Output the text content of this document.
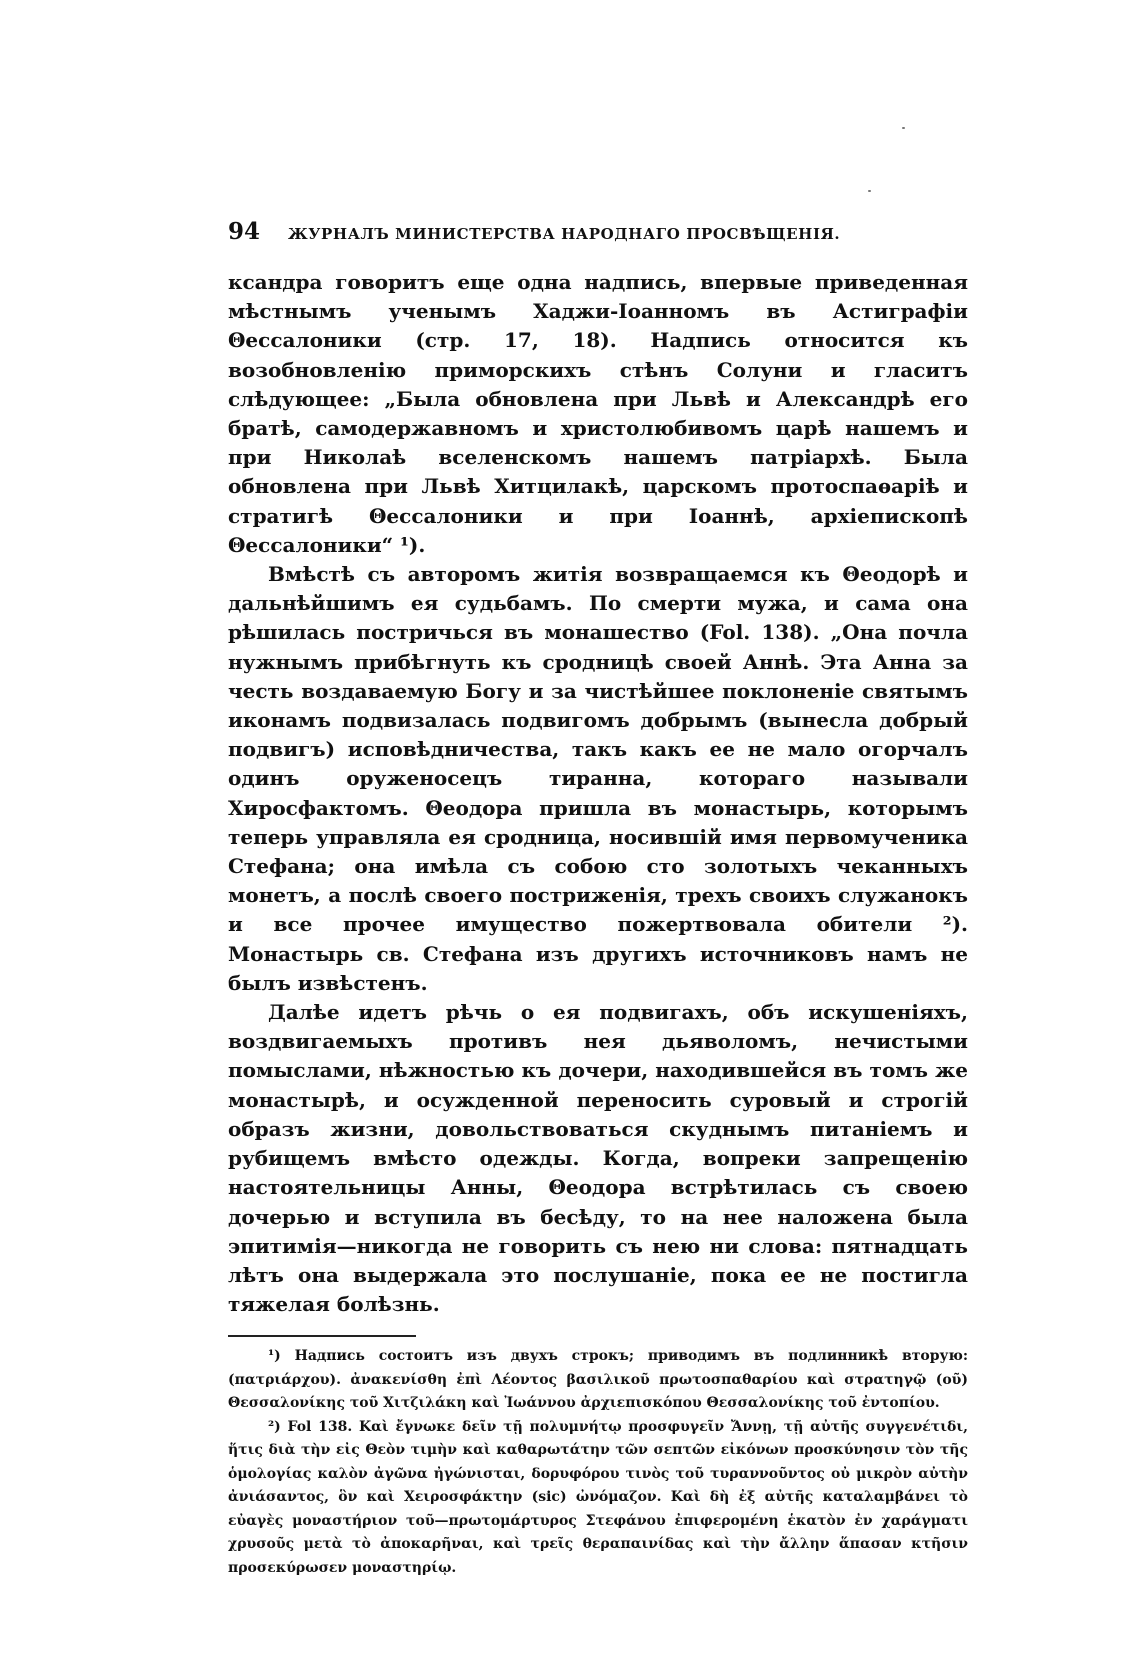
94	ЖУРНАЛЪ МИНИСТЕРСТВА НАРОДНАГО ПРОСВѢЩЕНІЯ.

ксандра говоритъ еще одна надпись, впервые приведенная мѣстнымъ ученымъ Хаджи-Іоанномъ въ Астиграфіи Θессалоники (стр. 17, 18). Надпись относится къ возобновленію приморскихъ стѣнъ Солуни и гласитъ слѣдующее: „Была обновлена при Львѣ и Александрѣ его братѣ, самодержавномъ и христолюбивомъ царѣ нашемъ и при Николаѣ вселенскомъ нашемъ патріархѣ. Была обновлена при Львѣ Хитцилакѣ, царскомъ протоспаѳаріѣ и стратигѣ Θессалоники и при Іоаннѣ, архіепископѣ Θессалоники“ ¹).

Вмѣстѣ съ авторомъ житія возвращаемся къ Θеодорѣ и дальнѣйшимъ ея судьбамъ. По смерти мужа, и сама она рѣшилась постричься въ монашество (Fol. 138). „Она почла нужнымъ прибѣгнуть къ сродницѣ своей Аннѣ. Эта Анна за честь воздаваемую Богу и за чистѣйшее поклоненіе святымъ иконамъ подвизалась подвигомъ добрымъ (вынесла добрый подвигъ) исповѣдничества, такъ какъ ее не мало огорчалъ одинъ оруженосецъ тиранна, котораго называли Хиросфактомъ. Θеодора пришла въ монастырь, которымъ теперь управляла ея сродница, носившій имя первомученика Стефана; она имѣла съ собою сто золотыхъ чеканныхъ монетъ, а послѣ своего постриженія, трехъ своихъ служанокъ и все прочее имущество пожертвовала обители ²). Монастырь св. Стефана изъ другихъ источниковъ намъ не былъ извѣстенъ.

Далѣе идетъ рѣчь о ея подвигахъ, объ искушеніяхъ, воздвигаемыхъ противъ нея дьяволомъ, нечистыми помыслами, нѣжностью къ дочери, находившейся въ томъ же монастырѣ, и осужденной переносить суровый и строгій образъ жизни, довольствоваться скуднымъ питаніемъ и рубищемъ вмѣсто одежды. Когда, вопреки запрещенію настоятельницы Анны, Θеодора встрѣтилась съ своею дочерью и вступила въ бесѣду, то на нее наложена была эпитимія—никогда не говорить съ нею ни слова: пятнадцать лѣтъ она выдержала это послушаніе, пока ее не постигла тяжелая болѣзнь.

¹) Надпись состоитъ изъ двухъ строкъ; приводимъ въ подлинникѣ вторую: (πατριάρχου). ἀνακενίσθη ἐπὶ Λέοντος βασιλικοῦ πρωτοσπαθαρίου καὶ στρατηγῷ (οῦ) Θεσσαλονίκης τοῦ Χιτζιλάκη καὶ Ἰωάννου ἀρχιεπισκόπου Θεσσαλονίκης τοῦ ἐντοπίου.

²) Fol 138. Καὶ ἔγνωκε δεῖν τῇ πολυμνήτῳ προσφυγεῖν Ἄννῃ, τῇ αὐτῆς συγγενέτιδι, ἥτις διὰ τὴν εἰς Θεὸν τιμὴν καὶ καθαρωτάτην τῶν σεπτῶν εἰκόνων προσκύνησιν τὸν τῆς ὁμολογίας καλὸν ἀγῶνα ἠγώνισται, δορυφόρου τινὸς τοῦ τυραννοῦντος οὐ μικρὸν αὐτὴν ἀνιάσαντος, ὃν καὶ Χειροσφάκτην (sic) ὠνόμαζον. Καὶ δὴ ἐξ αὐτῆς καταλαμβάνει τὸ εὐαγὲς μοναστήριον τοῦ—πρωτομάρτυρος Στεφάνου ἐπιφερομένη ἑκατὸν ἐν χαράγματι χρυσοῦς μετὰ τὸ ἀποκαρῆναι, καὶ τρεῖς θεραπαινίδας καὶ τὴν ἄλλην ἅπασαν κτῆσιν προσεκύρωσεν μοναστηρίῳ.
